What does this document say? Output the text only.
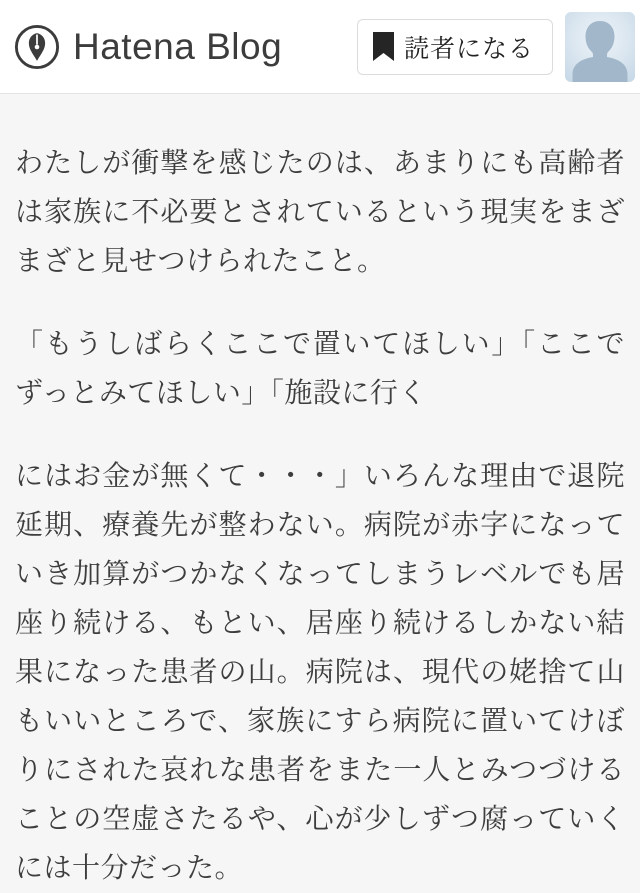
Hatena Blog	読者になる

わたしが衝撃を感じたのは、あまりにも高齢者は家族に不必要とされているという現実をまざまざと見せつけられたこと。

「もうしばらくここで置いてほしい」「ここでずっとみてほしい」「施設に行く

にはお金が無くて・・・」いろんな理由で退院延期、療養先が整わない。病院が赤字になっていき加算がつかなくなってしまうレベルでも居座り続ける、もとい、居座り続けるしかない結果になった患者の山。病院は、現代の姥捨て山もいいところで、家族にすら病院に置いてけぼりにされた哀れな患者をまた一人とみつづけることの空虚さたるや、心が少しずつ腐っていくには十分だった。
